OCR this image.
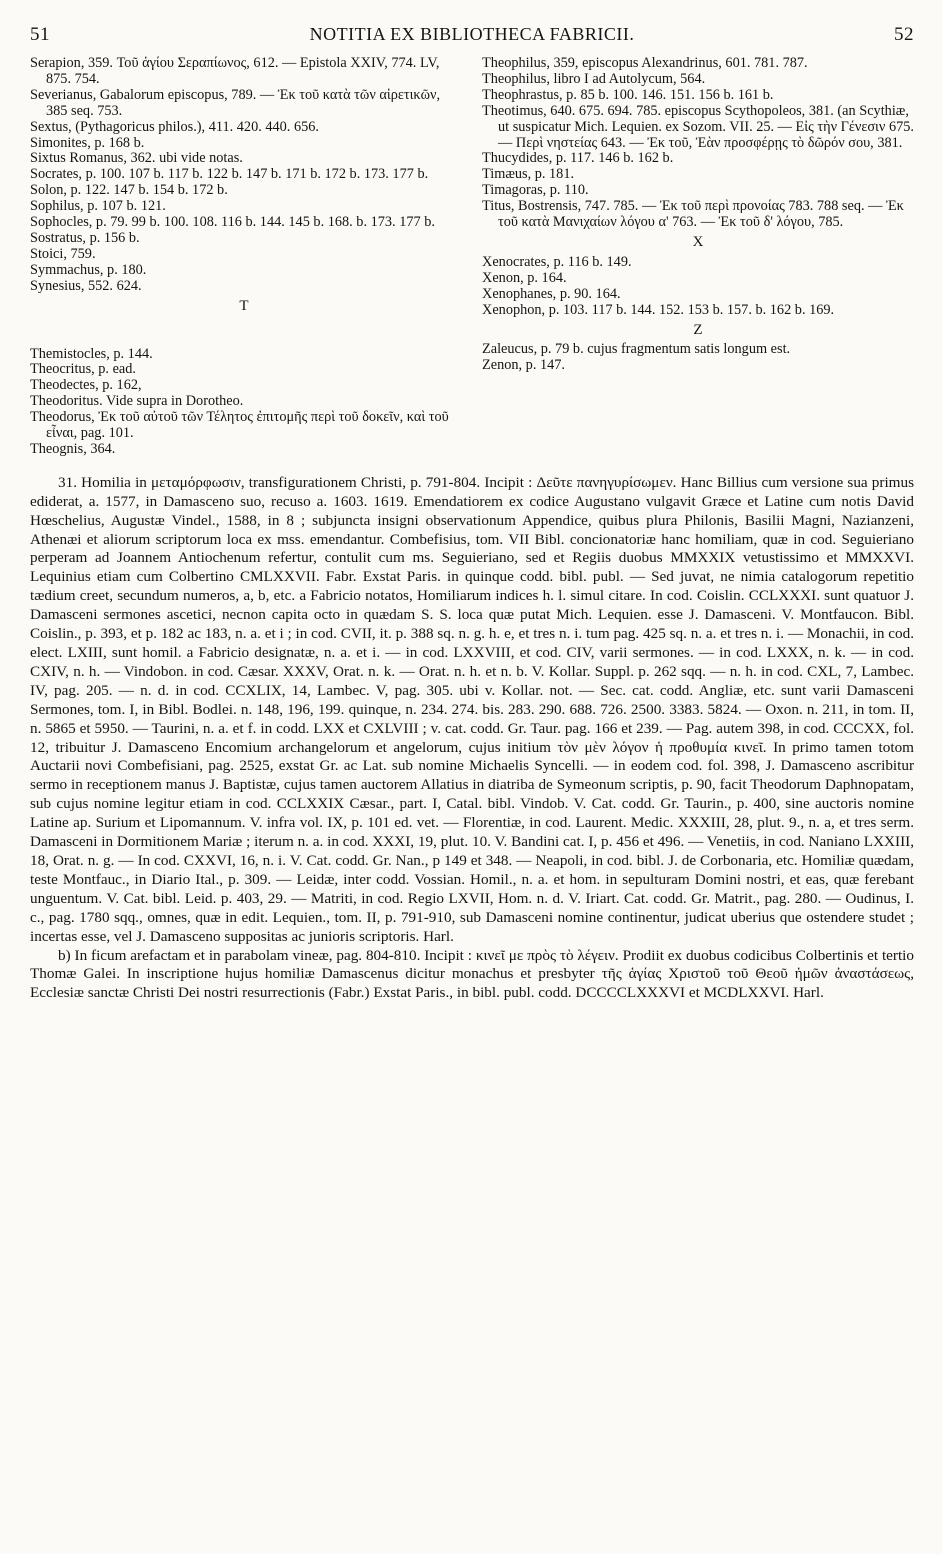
51	NOTITIA EX BIBLIOTHECA FABRICII.	52
Serapion, 359. Τοῦ ἁγίου Σεραπίωνος, 612. — Epistola XXIV, 774. LV, 875. 754.
Severianus, Gabalorum episcopus, 789. — Ἐκ τοῦ κατὰ τῶν αἱρετικῶν, 385 seq. 753.
Sextus, (Pythagoricus philos.), 411. 420. 440. 656.
Simonites, p. 168 b.
Sixtus Romanus, 362. ubi vide notas.
Socrates, p. 100. 107 b. 117 b. 122 b. 147 b. 171 b. 172 b. 173. 177 b.
Solon, p. 122. 147 b. 154 b. 172 b.
Sophilus, p. 107 b. 121.
Sophocles, p. 79. 99 b. 100. 108. 116 b. 144. 145 b. 168. b. 173. 177 b.
Sostratus, p. 156 b.
Stoici, 759.
Symmachus, p. 180.
Synesius, 552. 624.
T
Themistocles, p. 144.
Theocritus, p. ead.
Theodectes, p. 162,
Theodoritus. Vide supra in Dorotheo.
Theodorus, Ἐκ τοῦ αὐτοῦ τῶν Τέλητος ἐπιτομῆς περὶ τοῦ δοκεῖν, καὶ τοῦ εἶναι, pag. 101.
Theognis, 364.
Theophilus, 359, episcopus Alexandrinus, 601. 781. 787.
Theophilus, libro I ad Autolycum, 564.
Theophrastus, p. 85 b. 100. 146. 151. 156 b. 161 b.
Theotimus, 640. 675. 694. 785. episcopus Scythopoleos, 381. (an Scythiæ, ut suspicatur Mich. Lequien. ex Sozom. VII. 25. — Εἰς τὴν Γένεσιν 675. — Περὶ νηστείας 643. — Ἐκ τοῦ, Ἐὰν προσφέρῃς τὸ δῶρόν σου, 381.
Thucydides, p. 117. 146 b. 162 b.
Timæus, p. 181.
Timagoras, p. 110.
Titus, Bostrensis, 747. 785. — Ἐκ τοῦ περὶ προνοίας 783. 788 seq. — Ἐκ τοῦ κατὰ Μανιχαίων λόγου α' 763. — Ἐκ τοῦ δ' λόγου, 785.
X
Xenocrates, p. 116 b. 149.
Xenon, p. 164.
Xenophanes, p. 90. 164.
Xenophon, p. 103. 117 b. 144. 152. 153 b. 157. b. 162 b. 169.
Z
Zaleucus, p. 79 b. cujus fragmentum satis longum est.
Zenon, p. 147.

31. Homilia in μεταμόρφωσιν, transfigurationem Christi, p. 791-804. Incipit : Δεῦτε πανηγυρίσωμεν. Hanc Billius cum versione sua primus ediderat, a. 1577, in Damasceno suo, recuso a. 1603. 1619. Emendatiorem ex codice Augustano vulgavit Græce et Latine cum notis David Hœschelius, Augustæ Vindel., 1588, in 8 ; subjuncta insigni observationum Appendice, quibus plura Philonis, Basilii Magni, Nazianzeni, Athenæi et aliorum scriptorum loca ex mss. emendantur. Combefisius, tom. VII Bibl. concionatoriæ hanc homiliam, quæ in cod. Seguieriano perperam ad Joannem Antiochenum refertur, contulit cum ms. Seguieriano, sed et Regiis duobus MMXXIX vetustissimo et MMXXVI. Lequinius etiam cum Colbertino CMLXXVII. Fabr. Exstat Paris. in quinque codd. bibl. publ. — Sed juvat, ne nimia catalogorum repetitio tædium creet, secundum numeros, a, b, etc. a Fabricio notatos, Homiliarum indices h. l. simul citare. In cod. Coislin. CCLXXXI. sunt quatuor J. Damasceni sermones ascetici, necnon capita octo in quædam S. S. loca quæ putat Mich. Lequien. esse J. Damasceni. V. Montfaucon. Bibl. Coislin., p. 393, et p. 182 ac 183, n. a. et i ; in cod. CVII, it. p. 388 sq. n. g. h. e, et tres n. i. tum pag. 425 sq. n. a. et tres n. i. — Monachii, in cod. elect. LXIII, sunt homil. a Fabricio designatæ, n. a. et i. — in cod. LXXVIII, et cod. CIV, varii sermones. — in cod. LXXX, n. k. — in cod. CXIV, n. h. — Vindobon. in cod. Cæsar. XXXV, Orat. n. k. — Orat. n. h. et n. b. V. Kollar. Suppl. p. 262 sqq. — n. h. in cod. CXL, 7, Lambec. IV, pag. 205. — n. d. in cod. CCXLIX, 14, Lambec. V, pag. 305. ubi v. Kollar. not. — Sec. cat. codd. Angliæ, etc. sunt varii Damasceni Sermones, tom. I, in Bibl. Bodlei. n. 148, 196, 199. quinque, n. 234. 274. bis. 283. 290. 688. 726. 2500. 3383. 5824. — Oxon. n. 211, in tom. II, n. 5865 et 5950. — Taurini, n. a. et f. in codd. LXX et CXLVIII ; v. cat. codd. Gr. Taur. pag. 166 et 239. — Pag. autem 398, in cod. CCCXX, fol. 12, tribuitur J. Damasceno Encomium archangelorum et angelorum, cujus initium τὸν μὲν λόγον ἡ προθυμία κινεῖ. In primo tamen totom Auctarii novi Combefisiani, pag. 2525, exstat Gr. ac Lat. sub nomine Michaelis Syncelli. — in eodem cod. fol. 398, J. Damasceno ascribitur sermo in receptionem manus J. Baptistæ, cujus tamen auctorem Allatius in diatriba de Symeonum scriptis, p. 90, facit Theodorum Daphnopatam, sub cujus nomine legitur etiam in cod. CCLXXIX Cæsar., part. I, Catal. bibl. Vindob. V. Cat. codd. Gr. Taurin., p. 400, sine auctoris nomine Latine ap. Surium et Lipomannum. V. infra vol. IX, p. 101 ed. vet. — Florentiæ, in cod. Laurent. Medic. XXXIII, 28, plut. 9., n. a, et tres serm. Damasceni in Dormitionem Mariæ ; iterum n. a. in cod. XXXI, 19, plut. 10. V. Bandini cat. I, p. 456 et 496. — Venetiis, in cod. Naniano LXXIII, 18, Orat. n. g. — In cod. CXXVI, 16, n. i. V. Cat. codd. Gr. Nan., p 149 et 348. — Neapoli, in cod. bibl. J. de Corbonaria, etc. Homiliæ quædam, teste Montfauc., in Diario Ital., p. 309. — Leidæ, inter codd. Vossian. Homil., n. a. et hom. in sepulturam Domini nostri, et eas, quæ ferebant unguentum. V. Cat. bibl. Leid. p. 403, 29. — Matriti, in cod. Regio LXVII, Hom. n. d. V. Iriart. Cat. codd. Gr. Matrit., pag. 280. — Oudinus, I. c., pag. 1780 sqq., omnes, quæ in edit. Lequien., tom. II, p. 791-910, sub Damasceni nomine continentur, judicat uberius que ostendere studet ; incertas esse, vel J. Damasceno suppositas ac junioris scriptoris. Harl.

b) In ficum arefactam et in parabolam vineæ, pag. 804-810. Incipit : κινεῖ με πρὸς τὸ λέγειν. Prodiit ex duobus codicibus Colbertinis et tertio Thomæ Galei. In inscriptione hujus homiliæ Damascenus dicitur monachus et presbyter τῆς ἁγίας Χριστοῦ τοῦ Θεοῦ ἡμῶν ἀναστάσεως, Ecclesiæ sanctæ Christi Dei nostri resurrectionis (Fabr.) Exstat Paris., in bibl. publ. codd. DCCCCLXXXVI et MCDLXXVI. Harl.
